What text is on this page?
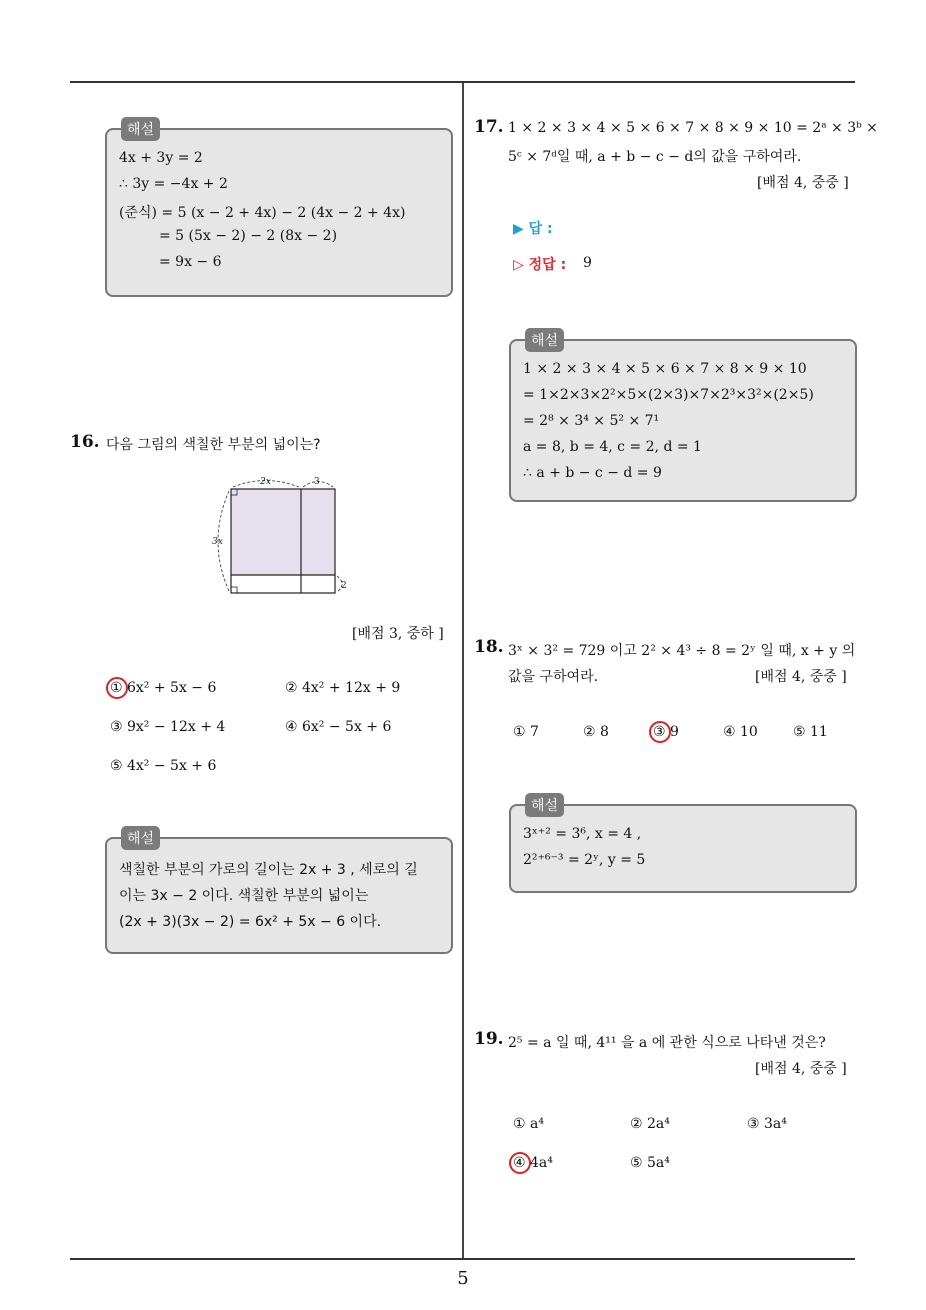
5
해설
4x + 3y = 2
∴ 3y = −4x + 2
(준식) = 5 (x − 2 + 4x) − 2 (4x − 2 + 4x)
= 5 (5x − 2) − 2 (8x − 2)
= 9x − 6
16. 다음 그림의 색칠한 부분의 넓이는?
2x	3
3x
2
[배점 3, 중하 ]
① 6x² + 5x − 6	② 4x² + 12x + 9
③ 9x² − 12x + 4	④ 6x² − 5x + 6
⑤ 4x² − 5x + 6
해설
색칠한 부분의 가로의 길이는 2x + 3 , 세로의 길
이는 3x − 2 이다. 색칠한 부분의 넓이는
(2x + 3)(3x − 2) = 6x² + 5x − 6 이다.
17. 1 × 2 × 3 × 4 × 5 × 6 × 7 × 8 × 9 × 10 = 2ᵃ × 3ᵇ ×
5ᶜ × 7ᵈ일 때, a + b − c − d의 값을 구하여라.
[배점 4, 중중 ]
▶ 답 :
▷ 정답 : 9
해설
1 × 2 × 3 × 4 × 5 × 6 × 7 × 8 × 9 × 10
= 1×2×3×2²×5×(2×3)×7×2³×3²×(2×5)
= 2⁸ × 3⁴ × 5² × 7¹
a = 8, b = 4, c = 2, d = 1
∴ a + b − c − d = 9
18. 3ˣ × 3² = 729 이고 2² × 4³ ÷ 8 = 2ʸ 일 때, x + y 의
값을 구하여라.	[배점 4, 중중 ]
① 7	② 8	③ 9	④ 10	⑤ 11
해설
3ˣ⁺² = 3⁶, x = 4 ,
2²⁺⁶⁻³ = 2ʸ, y = 5
19. 2⁵ = a 일 때, 4¹¹ 을 a 에 관한 식으로 나타낸 것은?
[배점 4, 중중 ]
① a⁴	② 2a⁴	③ 3a⁴
④ 4a⁴	⑤ 5a⁴
